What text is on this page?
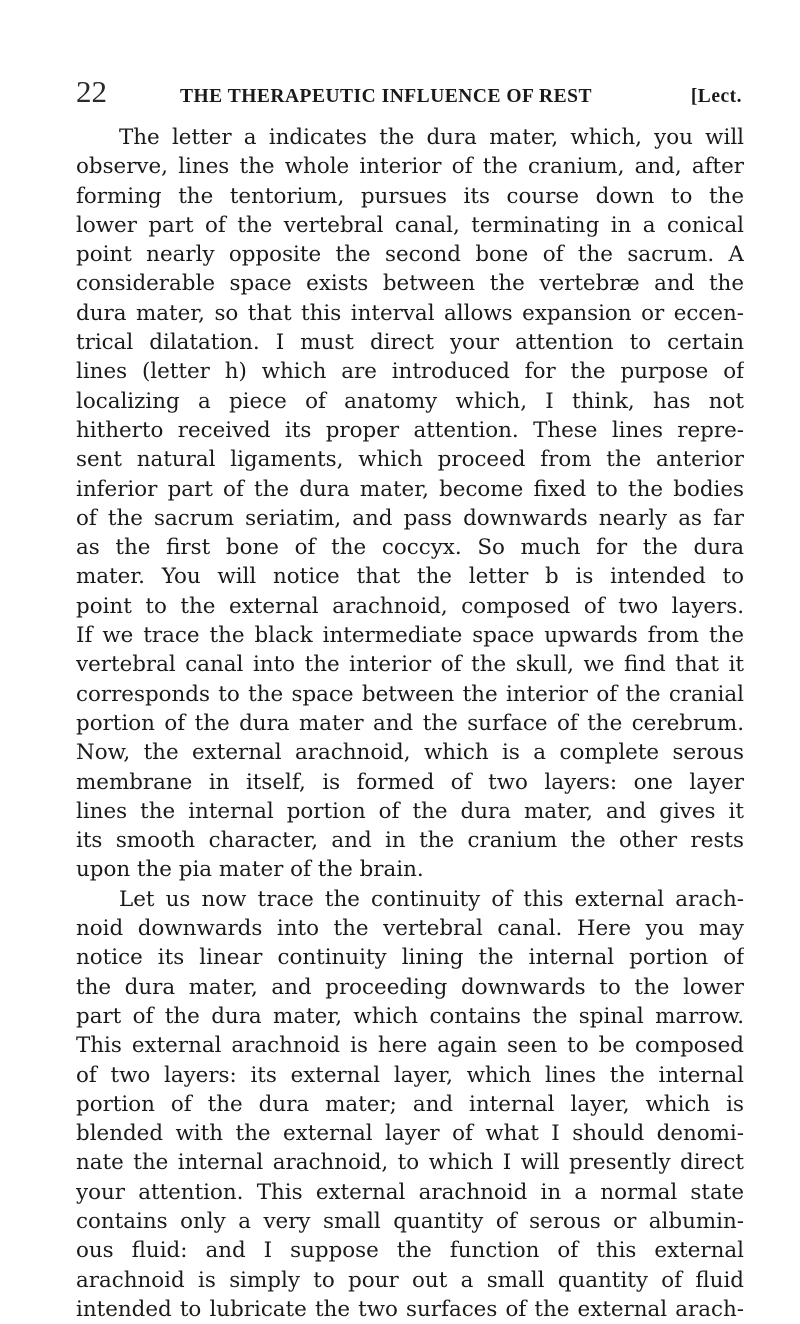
22	THE THERAPEUTIC INFLUENCE OF REST	[Lect.
The letter a indicates the dura mater, which, you will
observe, lines the whole interior of the cranium, and, after
forming the tentorium, pursues its course down to the
lower part of the vertebral canal, terminating in a conical
point nearly opposite the second bone of the sacrum. A
considerable space exists between the vertebræ and the
dura mater, so that this interval allows expansion or eccen-
trical dilatation. I must direct your attention to certain
lines (letter h) which are introduced for the purpose of
localizing a piece of anatomy which, I think, has not
hitherto received its proper attention. These lines repre-
sent natural ligaments, which proceed from the anterior
inferior part of the dura mater, become fixed to the bodies
of the sacrum seriatim, and pass downwards nearly as far
as the first bone of the coccyx. So much for the dura
mater. You will notice that the letter b is intended to
point to the external arachnoid, composed of two layers.
If we trace the black intermediate space upwards from the
vertebral canal into the interior of the skull, we find that it
corresponds to the space between the interior of the cranial
portion of the dura mater and the surface of the cerebrum.
Now, the external arachnoid, which is a complete serous
membrane in itself, is formed of two layers: one layer
lines the internal portion of the dura mater, and gives it
its smooth character, and in the cranium the other rests
upon the pia mater of the brain.
Let us now trace the continuity of this external arach-
noid downwards into the vertebral canal. Here you may
notice its linear continuity lining the internal portion of
the dura mater, and proceeding downwards to the lower
part of the dura mater, which contains the spinal marrow.
This external arachnoid is here again seen to be composed
of two layers: its external layer, which lines the internal
portion of the dura mater; and internal layer, which is
blended with the external layer of what I should denomi-
nate the internal arachnoid, to which I will presently direct
your attention. This external arachnoid in a normal state
contains only a very small quantity of serous or albumin-
ous fluid: and I suppose the function of this external
arachnoid is simply to pour out a small quantity of fluid
intended to lubricate the two surfaces of the external arach-
